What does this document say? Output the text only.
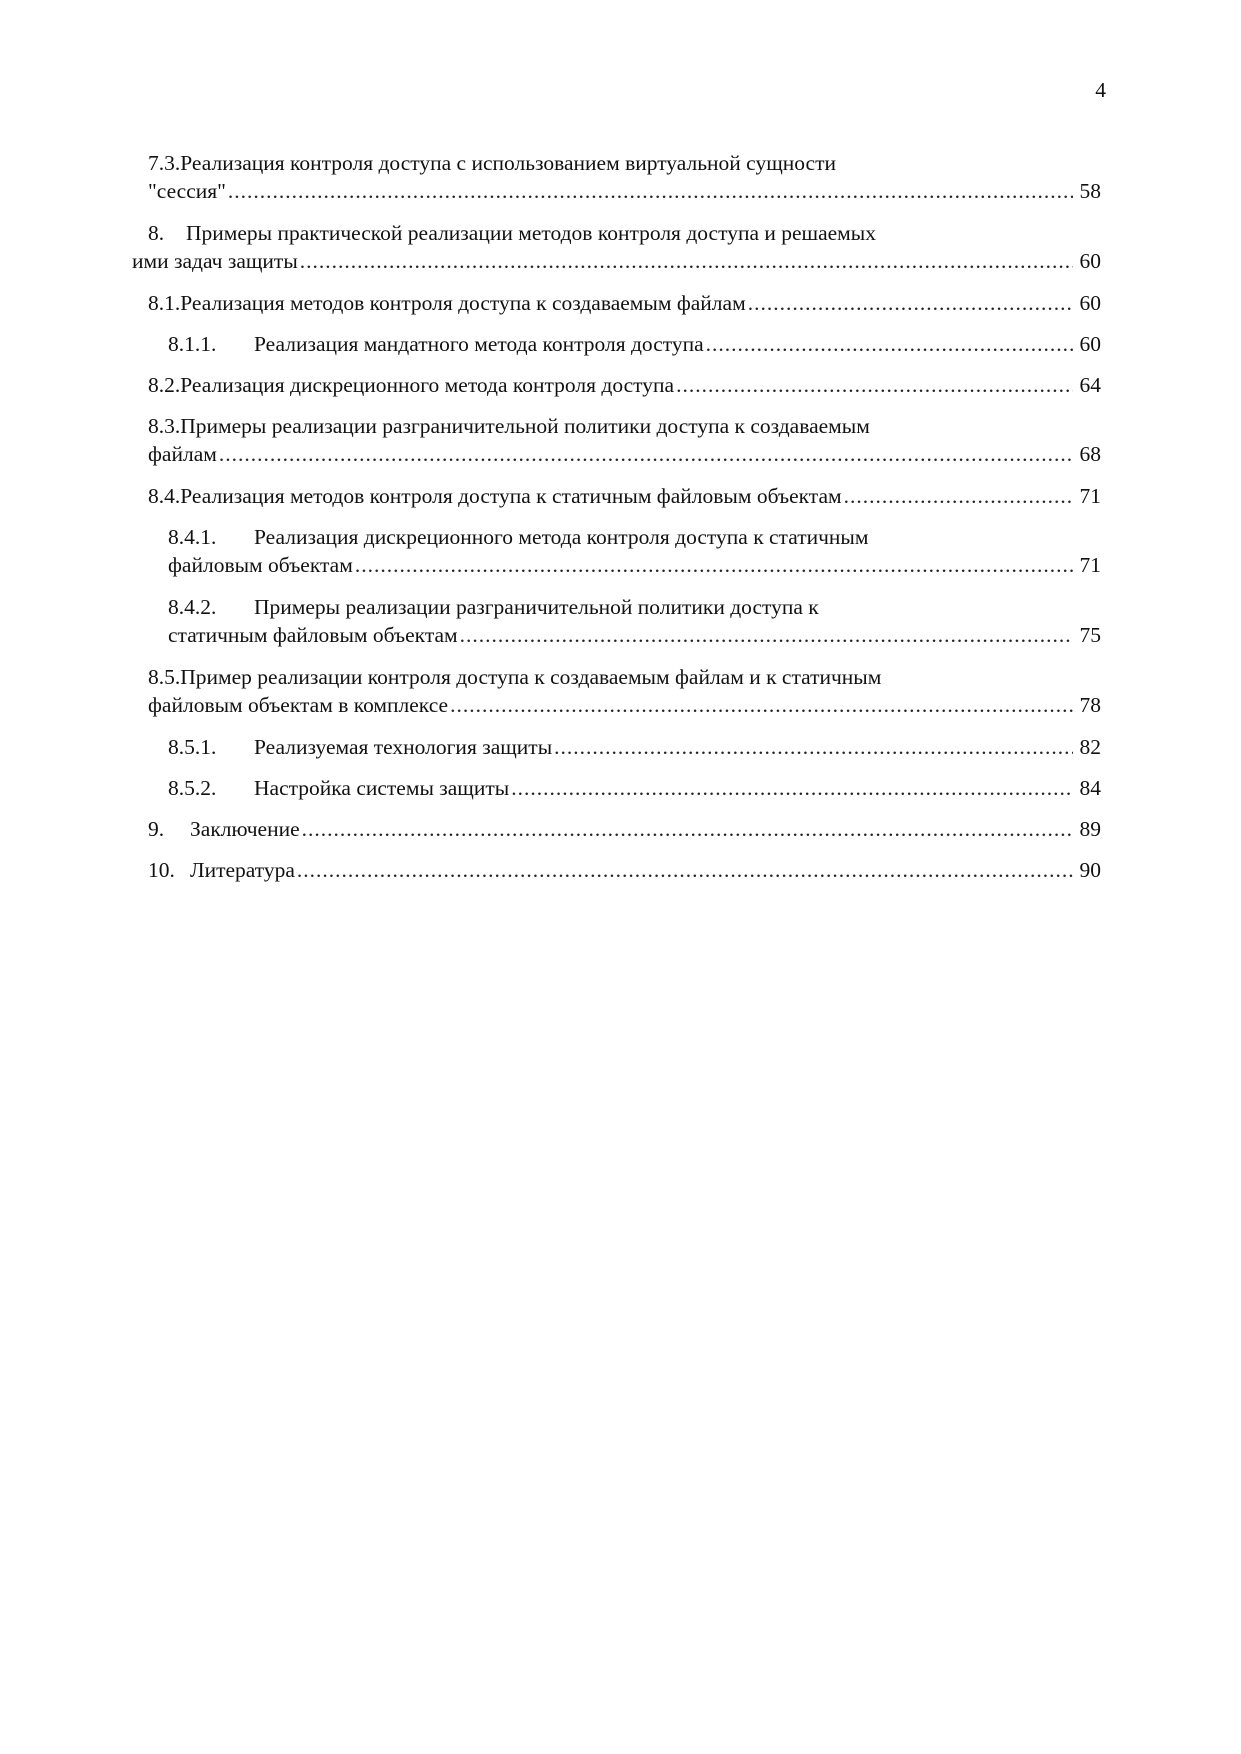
4
7.3.Реализация контроля доступа с использованием виртуальной сущности
"сессия" .....	58
8. Примеры практической реализации методов контроля доступа и решаемых
ими задач защиты .....	60
8.1.Реализация методов контроля доступа к создаваемым файлам .....	60
8.1.1. Реализация мандатного метода контроля доступа .....	60
8.2.Реализация дискреционного метода контроля доступа .....	64
8.3.Примеры реализации разграничительной политики доступа к создаваемым
файлам .....	68
8.4.Реализация методов контроля доступа к статичным файловым объектам .....	71
8.4.1. Реализация дискреционного метода контроля доступа к статичным
файловым объектам .....	71
8.4.2. Примеры реализации разграничительной политики доступа к
статичным файловым объектам .....	75
8.5.Пример реализации контроля доступа к создаваемым файлам и к статичным
файловым объектам в комплексе .....	78
8.5.1. Реализуемая технология защиты .....	82
8.5.2. Настройка системы защиты .....	84
9. Заключение .....	89
10. Литература .....	90
